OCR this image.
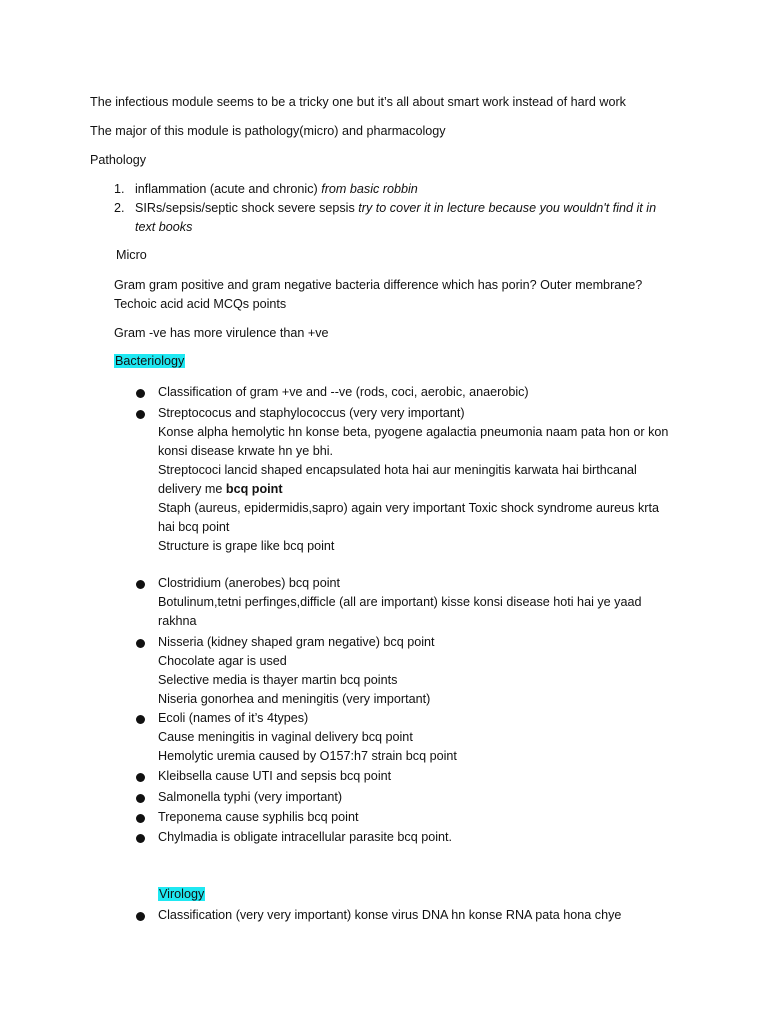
The infectious module seems to be a tricky one but it’s all about smart work instead of hard work
The major of this module is pathology(micro) and pharmacology
Pathology
1. inflammation (acute and chronic) from basic robbin
2. SIRs/sepsis/septic shock severe sepsis try to cover it in lecture because you wouldn't find it in
text books
Micro
Gram gram positive and gram negative bacteria difference which has porin? Outer membrane?
Techoic acid acid MCQs points
Gram -ve has more virulence than +ve
Bacteriology
Classification of gram +ve and --ve (rods, coci, aerobic, anaerobic)
Streptococus and staphylococcus (very very important)
Konse alpha hemolytic hn konse beta, pyogene agalactia pneumonia naam pata hon or kon
konsi disease krwate hn ye bhi.
Streptococi lancid shaped encapsulated hota hai aur meningitis karwata hai birthcanal
delivery me bcq point
Staph (aureus, epidermidis,sapro) again very important Toxic shock syndrome aureus krta
hai bcq point
Structure is grape like bcq point
Clostridium (anerobes) bcq point
Botulinum,tetni perfinges,difficle (all are important) kisse konsi disease hoti hai ye yaad
rakhna
Nisseria (kidney shaped gram negative) bcq point
Chocolate agar is used
Selective media is thayer martin bcq points
Niseria gonorhea and meningitis (very important)
Ecoli (names of it’s 4types)
Cause meningitis in vaginal delivery bcq point
Hemolytic uremia caused by O157:h7 strain bcq point
Kleibsella cause UTI and sepsis bcq point
Salmonella typhi (very important)
Treponema cause syphilis bcq point
Chylmadia is obligate intracellular parasite bcq point.
Virology
Classification (very very important) konse virus DNA hn konse RNA pata hona chye
